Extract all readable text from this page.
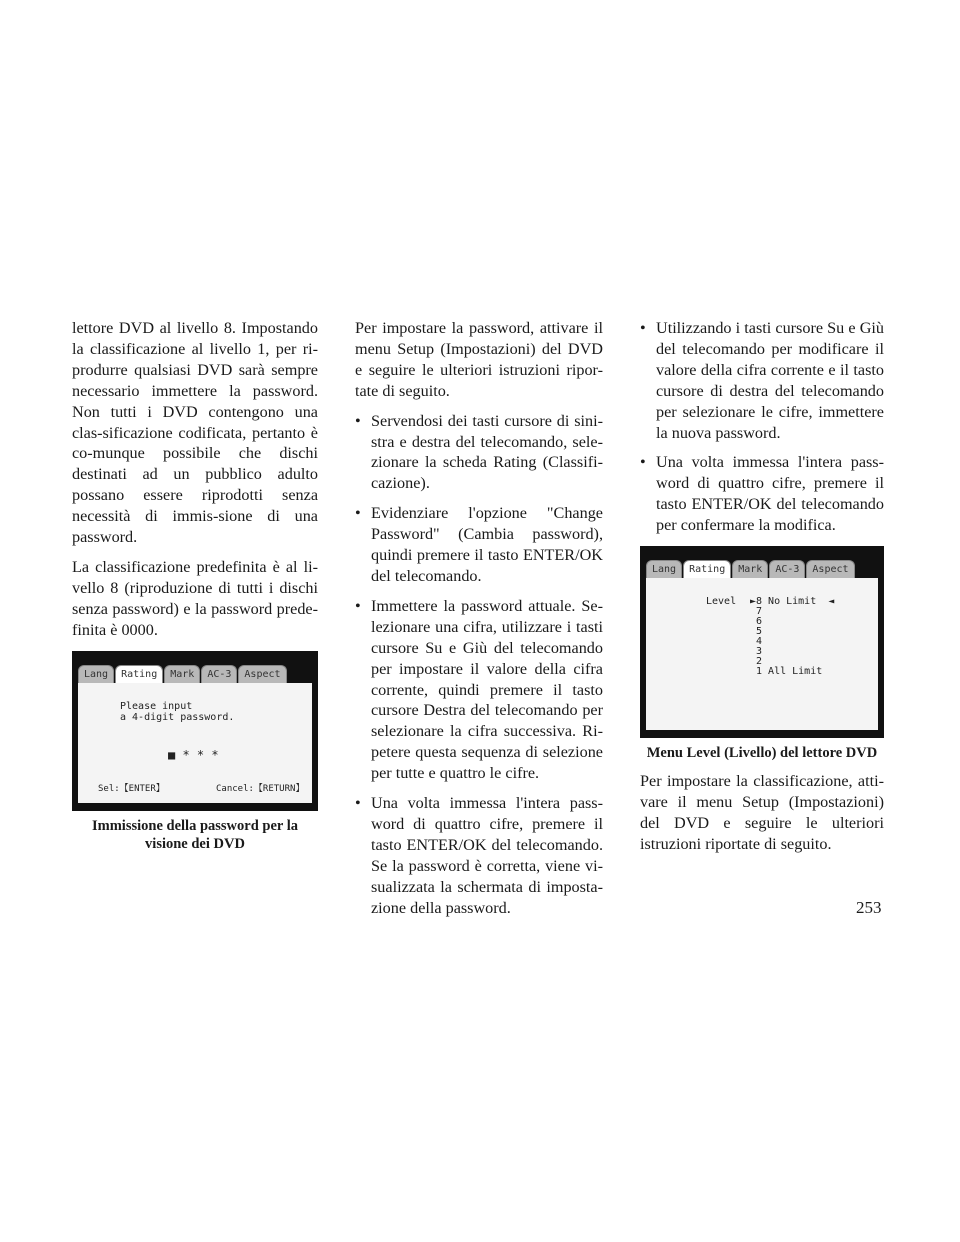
lettore DVD al livello 8. Impostando la classificazione al livello 1, per ri-produrre qualsiasi DVD sarà sempre necessario immettere la password. Non tutti i DVD contengono una clas-sificazione codificata, pertanto è co-munque possibile che dischi destinati ad un pubblico adulto possano essere riprodotti senza necessità di immis-sione di una password.

La classificazione predefinita è al li-vello 8 (riproduzione di tutti i dischi senza password) e la password prede-finita è 0000.

Lang	Rating	Mark	AC-3	Aspect
Please input
a 4-digit password.
■ * * *
Sel:【ENTER】	Cancel:【RETURN】
Immissione della password per la visione dei DVD

Per impostare la password, attivare il menu Setup (Impostazioni) del DVD e seguire le ulteriori istruzioni ripor-tate di seguito.

• Servendosi dei tasti cursore di sini-stra e destra del telecomando, sele-zionare la scheda Rating (Classifi-cazione).
• Evidenziare l'opzione "Change Password" (Cambia password), quindi premere il tasto ENTER/OK del telecomando.
• Immettere la password attuale. Se-lezionare una cifra, utilizzare i tasti cursore Su e Giù del telecomando per impostare il valore della cifra corrente, quindi premere il tasto cursore Destra del telecomando per selezionare la cifra successiva. Ri-petere questa sequenza di selezione per tutte e quattro le cifre.
• Una volta immessa l'intera pass-word di quattro cifre, premere il tasto ENTER/OK del telecomando. Se la password è corretta, viene vi-sualizzata la schermata di imposta-zione della password.
• Utilizzando i tasti cursore Su e Giù del telecomando per modificare il valore della cifra corrente e il tasto cursore di destra del telecomando per selezionare le cifre, immettere la nuova password.
• Una volta immessa l'intera pass-word di quattro cifre, premere il tasto ENTER/OK del telecomando per confermare la modifica.
Lang	Rating	Mark	AC-3	Aspect
Level ►8 No Limit  ◄
7
6
5
4
3
2
1 All Limit
Menu Level (Livello) del lettore DVD

Per impostare la classificazione, atti-vare il menu Setup (Impostazioni) del DVD e seguire le ulteriori istruzioni riportate di seguito.

253
